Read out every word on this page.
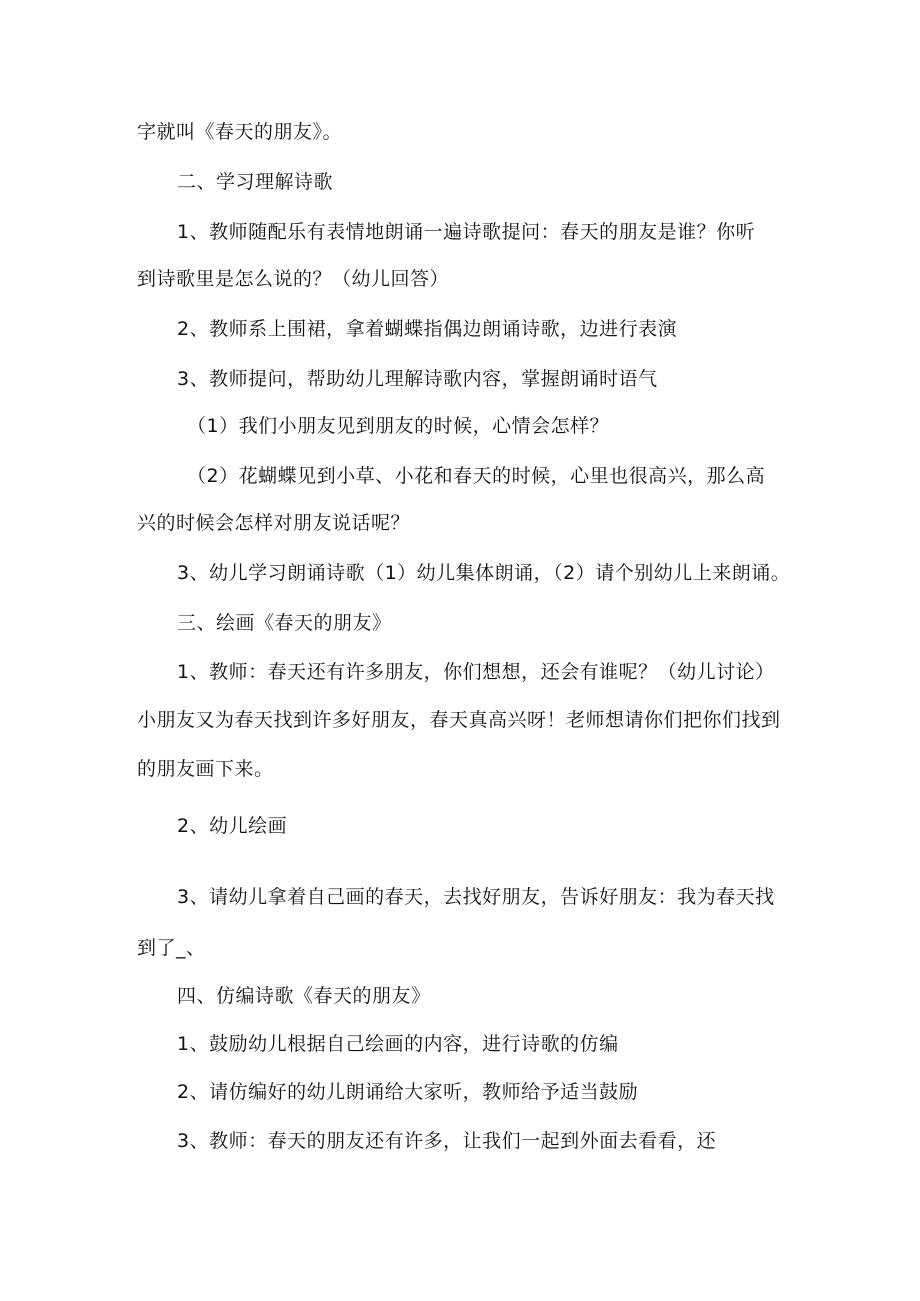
字就叫《春天的朋友》。
二、学习理解诗歌
1、教师随配乐有表情地朗诵一遍诗歌提问：春天的朋友是谁？你听
到诗歌里是怎么说的？（幼儿回答）
2、教师系上围裙，拿着蝴蝶指偶边朗诵诗歌，边进行表演
3、教师提问，帮助幼儿理解诗歌内容，掌握朗诵时语气
（1）我们小朋友见到朋友的时候，心情会怎样？
（2）花蝴蝶见到小草、小花和春天的时候，心里也很高兴，那么高
兴的时候会怎样对朋友说话呢？
3、幼儿学习朗诵诗歌（1）幼儿集体朗诵，（2）请个别幼儿上来朗诵。
三、绘画《春天的朋友》
1、教师：春天还有许多朋友，你们想想，还会有谁呢？（幼儿讨论）
小朋友又为春天找到许多好朋友，春天真高兴呀！老师想请你们把你们找到
的朋友画下来。
2、幼儿绘画
3、请幼儿拿着自己画的春天，去找好朋友，告诉好朋友：我为春天找
到了_、
四、仿编诗歌《春天的朋友》
1、鼓励幼儿根据自己绘画的内容，进行诗歌的仿编
2、请仿编好的幼儿朗诵给大家听，教师给予适当鼓励
3、教师：春天的朋友还有许多，让我们一起到外面去看看，还
